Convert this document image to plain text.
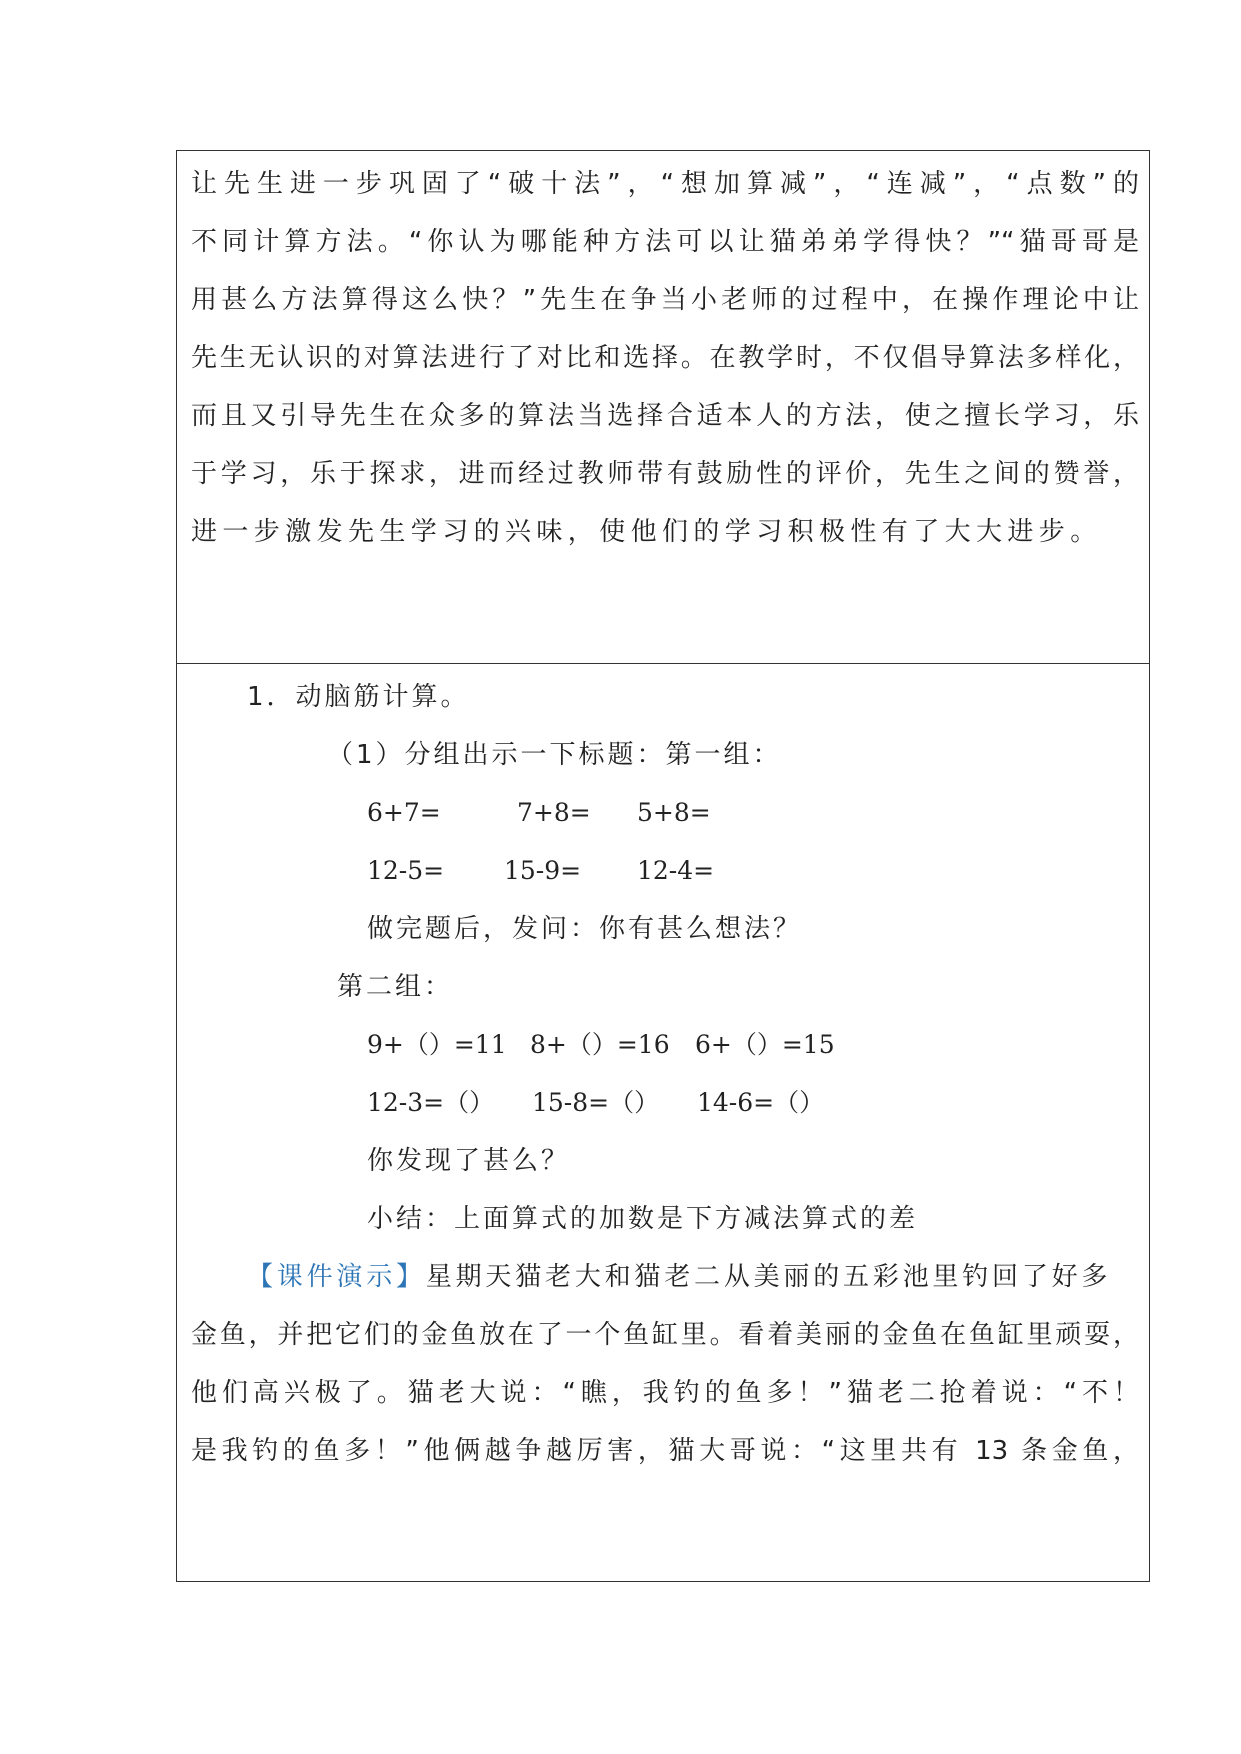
让先生进一步巩固了“破十法”，“想加算减”，“连减”，“点数”的
不同计算方法。“你认为哪能种方法可以让猫弟弟学得快？”“猫哥哥是
用甚么方法算得这么快？”先生在争当小老师的过程中，在操作理论中让
先生无认识的对算法进行了对比和选择。在教学时，不仅倡导算法多样化，
而且又引导先生在众多的算法当选择合适本人的方法，使之擅长学习，乐
于学习，乐于探求，进而经过教师带有鼓励性的评价，先生之间的赞誉，
进一步激发先生学习的兴味，使他们的学习积极性有了大大进步。
1．动脑筋计算。
（1）分组出示一下标题：第一组：
6+7=	7+8= 5+8=
12-5= 15-9= 12-4=
做完题后，发问：你有甚么想法？
第二组：
9+（）=11 8+（）=16 6+（）=15
12-3=（） 15-8=（） 14-6=（）
你发现了甚么？
小结：上面算式的加数是下方减法算式的差
【课件演示】星期天猫老大和猫老二从美丽的五彩池里钓回了好多
金鱼，并把它们的金鱼放在了一个鱼缸里。看着美丽的金鱼在鱼缸里顽耍，
他们高兴极了。猫老大说：“瞧，我钓的鱼多！”猫老二抢着说：“不！
是我钓的鱼多！”他俩越争越厉害，猫大哥说：“这里共有 13 条金鱼，
